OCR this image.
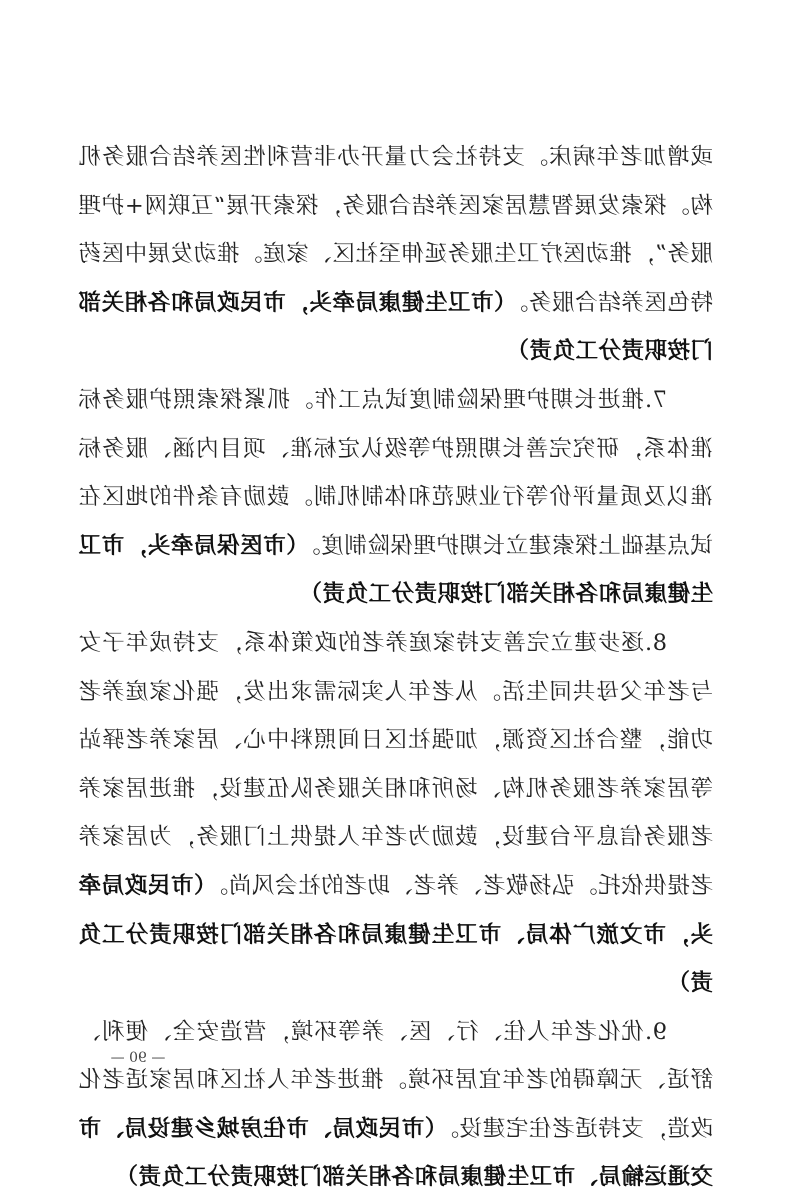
或增加老年病床。支持社会力量开办非营利性医养结合服务机构。探索发展智慧居家医养结合服务，探索开展“互联网+护理服务”，推动医疗卫生服务延伸至社区、家庭。推动发展中医药特色医养结合服务。（市卫生健康局牵头，市民政局和各相关部门按职责分工负责）

7.推进长期护理保险制度试点工作。抓紧探索照护服务标准体系，研究完善长期照护等级认定标准、项目内涵、服务标准以及质量评价等行业规范和体制机制。鼓励有条件的地区在试点基础上探索建立长期护理保险制度。（市医保局牵头，市卫生健康局和各相关部门按职责分工负责）

8.逐步建立完善支持家庭养老的政策体系，支持成年子女与老年父母共同生活。从老年人实际需求出发，强化家庭养老功能，整合社区资源，加强社区日间照料中心、居家养老驿站等居家养老服务机构、场所和相关服务队伍建设，推进居家养老服务信息平台建设，鼓励为老年人提供上门服务，为居家养老提供依托。弘扬敬老、养老、助老的社会风尚。（市民政局牵头，市文旅广体局、市卫生健康局和各相关部门按职责分工负责）

9.优化老年人住、行、医、养等环境，营造安全、便利、舒适、无障碍的老年宜居环境。推进老年人社区和居家适老化改造，支持适老住宅建设。（市民政局、市住房城乡建设局、市交通运输局、市卫生健康局和各相关部门按职责分工负责）

— 90 —
